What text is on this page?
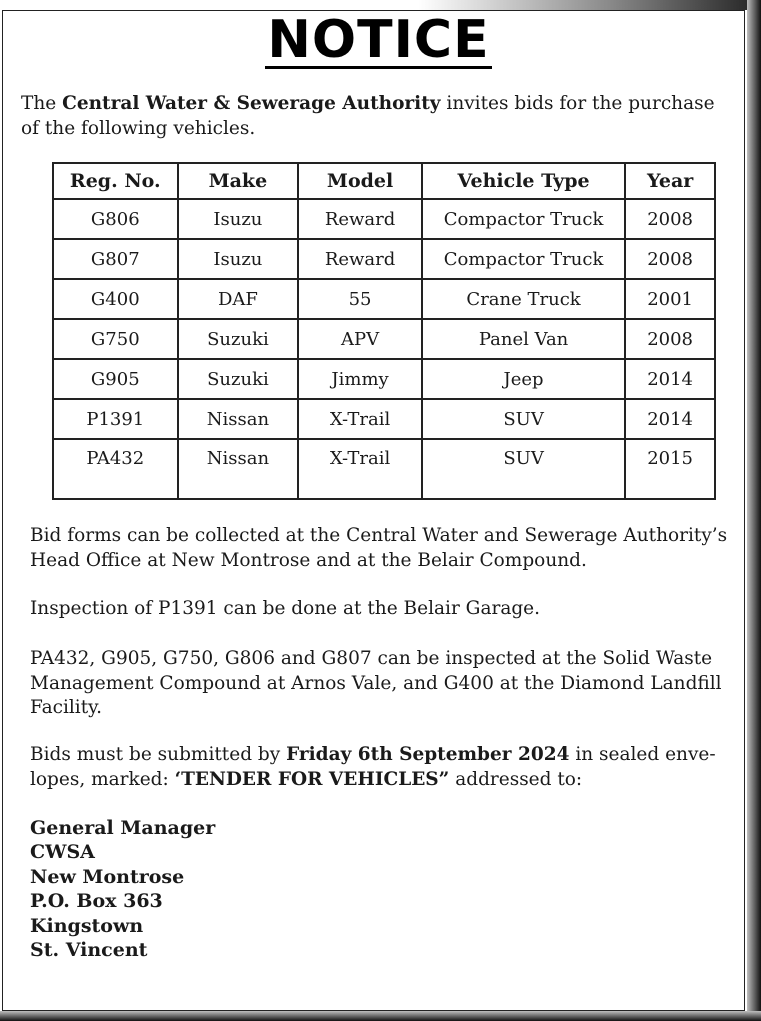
NOTICE
The Central Water & Sewerage Authority invites bids for the purchase of the following vehicles.
Reg. No.	Make	Model	Vehicle Type	Year
G806	Isuzu	Reward	Compactor Truck	2008
G807	Isuzu	Reward	Compactor Truck	2008
G400	DAF	55	Crane Truck	2001
G750	Suzuki	APV	Panel Van	2008
G905	Suzuki	Jimmy	Jeep	2014
P1391	Nissan	X-Trail	SUV	2014
PA432	Nissan	X-Trail	SUV	2015
Bid forms can be collected at the Central Water and Sewerage Authority’s Head Office at New Montrose and at the Belair Compound.
Inspection of P1391 can be done at the Belair Garage.
PA432, G905, G750, G806 and G807 can be inspected at the Solid Waste Management Compound at Arnos Vale, and G400 at the Diamond Landfill Facility.
Bids must be submitted by Friday 6th September 2024 in sealed enve-lopes, marked: ‘TENDER FOR VEHICLES” addressed to:
General Manager
CWSA
New Montrose
P.O. Box 363
Kingstown
St. Vincent
